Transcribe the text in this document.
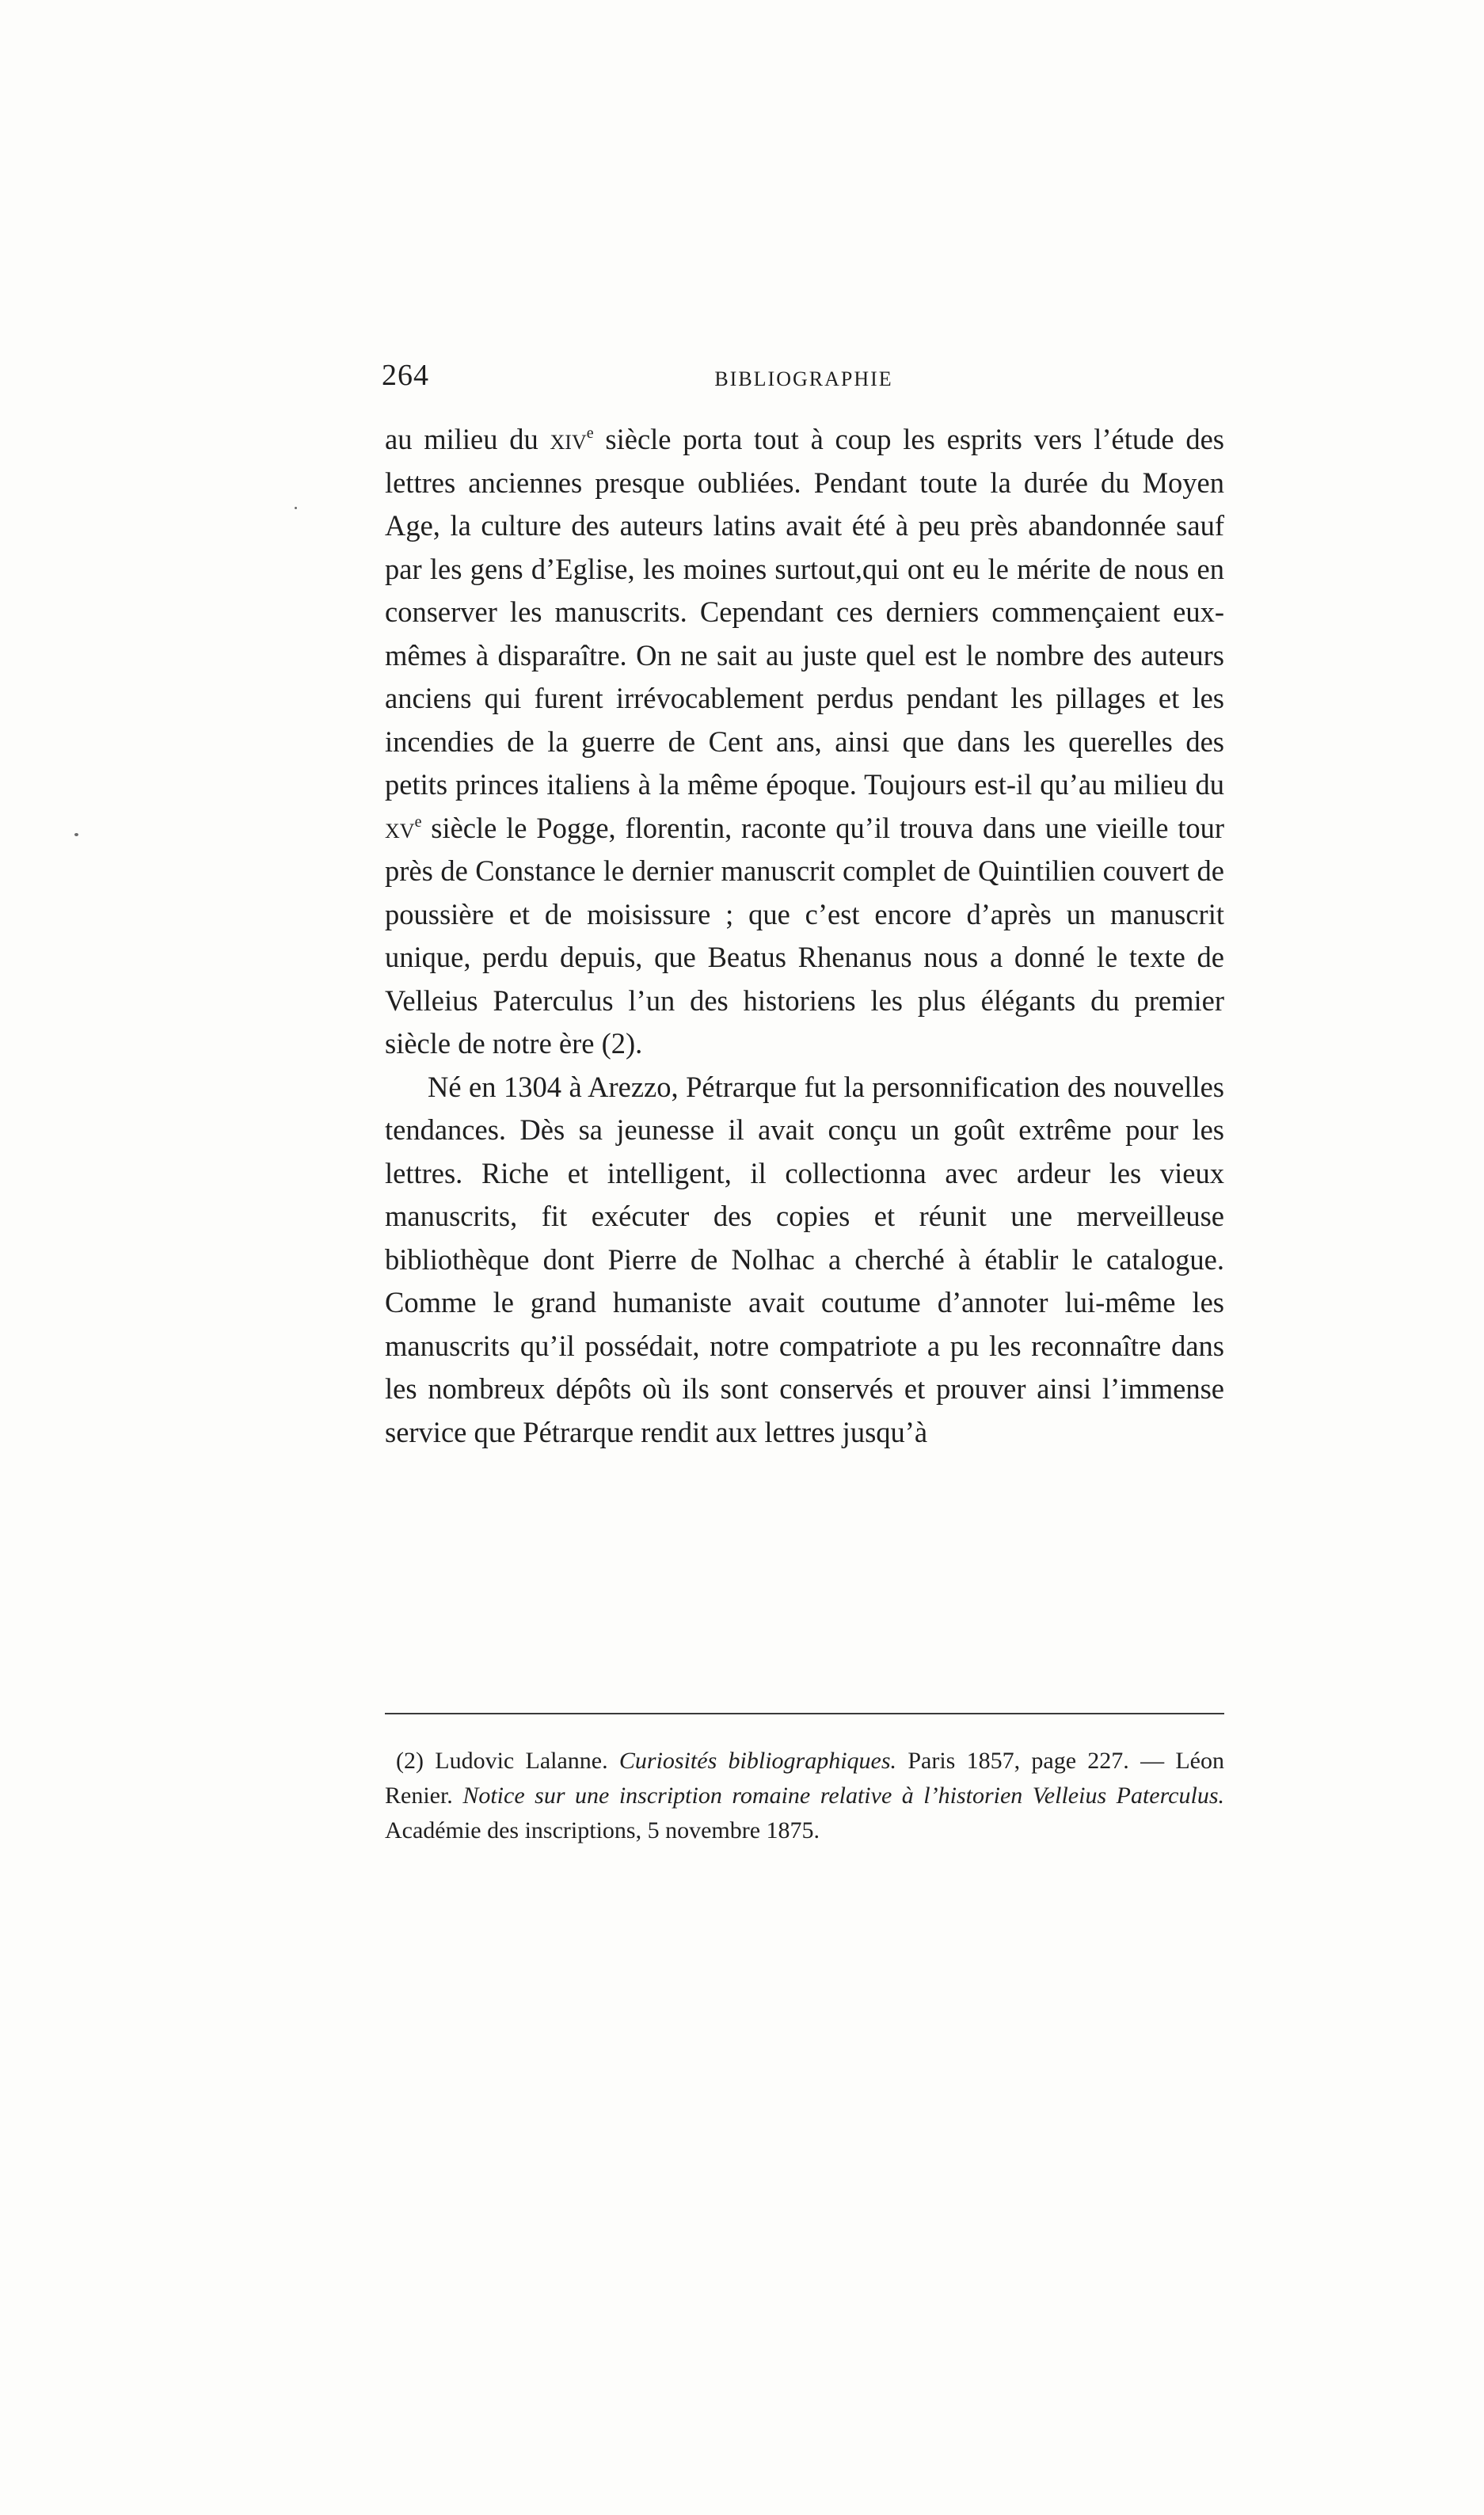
264	BIBLIOGRAPHIE

au milieu du xiv$^e$ siècle porta tout à coup les esprits vers l’étude des lettres anciennes presque oubliées. Pendant toute la durée du Moyen Age, la culture des auteurs latins avait été à peu près abandonnée sauf par les gens d’Eglise, les moines surtout,qui ont eu le mérite de nous en conserver les manuscrits. Cependant ces derniers commençaient eux-mêmes à disparaître. On ne sait au juste quel est le nombre des auteurs anciens qui furent irrévocablement perdus pendant les pillages et les incendies de la guerre de Cent ans, ainsi que dans les querelles des petits princes italiens à la même époque. Toujours est-il qu’au milieu du $xv^e$ siècle le Pogge, florentin, raconte qu’il trouva dans une vieille tour près de Constance le dernier manuscrit complet de Quintilien couvert de poussière et de moisissure ; que c’est encore d’après un manuscrit unique, perdu depuis, que Beatus Rhenanus nous a donné le texte de Velleius Paterculus l’un des historiens les plus élégants du premier siècle de notre ère (2).

Né en 1304 à Arezzo, Pétrarque fut la personnification des nouvelles tendances. Dès sa jeunesse il avait conçu un goût extrême pour les lettres. Riche et intelligent, il collectionna avec ardeur les vieux manuscrits, fit exécuter des copies et réunit une merveilleuse bibliothèque dont Pierre de Nolhac a cherché à établir le catalogue. Comme le grand humaniste avait coutume d’annoter lui-même les manuscrits qu’il possédait, notre compatriote a pu les reconnaître dans les nombreux dépôts où ils sont conservés et prouver ainsi l’immense service que Pétrarque rendit aux lettres jusqu’à

(2) Ludovic Lalanne. Curiosités bibliographiques. Paris 1857, page 227. — Léon Renier. Notice sur une inscription romaine relative à l’historien Velleius Paterculus. Académie des inscriptions, 5 novembre 1875.
